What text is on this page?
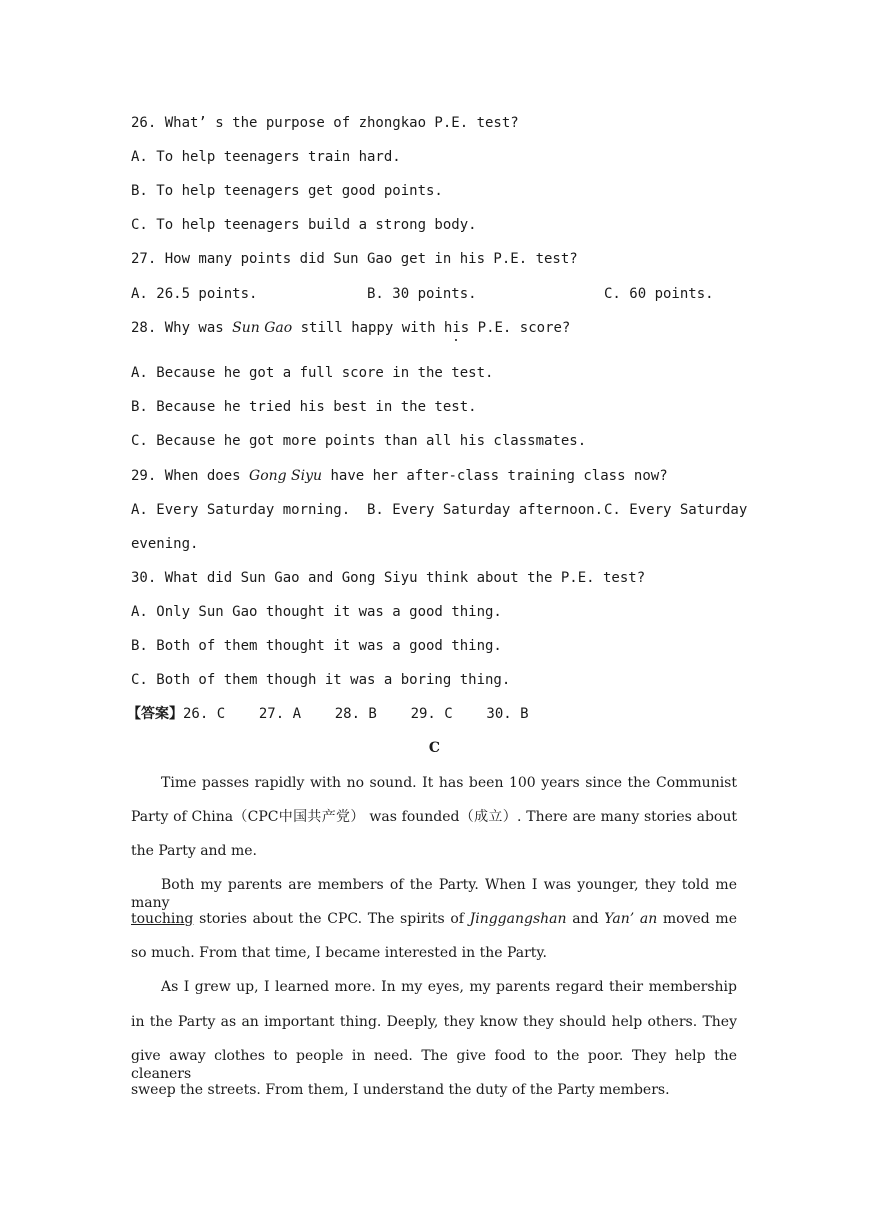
26. What’ s the purpose of zhongkao P.E. test?
A. To help teenagers train hard.
B. To help teenagers get good points.
C. To help teenagers build a strong body.
27. How many points did Sun Gao get in his P.E. test?
A. 26.5 points.	B. 30 points.	C. 60 points.
28. Why was Sun Gao still happy with his P.E. score?
A. Because he got a full score in the test.
B. Because he tried his best in the test.
C. Because he got more points than all his classmates.
29. When does Gong Siyu have her after-class training class now?
A. Every Saturday morning. B. Every Saturday afternoon. C. Every Saturday
evening.
30. What did Sun Gao and Gong Siyu think about the P.E. test?
A. Only Sun Gao thought it was a good thing.
B. Both of them thought it was a good thing.
C. Both of them though it was a boring thing.
【答案】26. C    27. A    28. B    29. C    30. B
C
Time passes rapidly with no sound. It has been 100 years since the Communist
Party of China（CPC中国共产党） was founded（成立）. There are many stories about
the Party and me.
Both my parents are members of the Party. When I was younger, they told me many
touching stories about the CPC. The spirits of Jinggangshan and Yan’ an moved me
so much. From that time, I became interested in the Party.
As I grew up, I learned more. In my eyes, my parents regard their membership
in the Party as an important thing. Deeply, they know they should help others. They
give away clothes to people in need. The give food to the poor. They help the cleaners
sweep the streets. From them, I understand the duty of the Party members.
